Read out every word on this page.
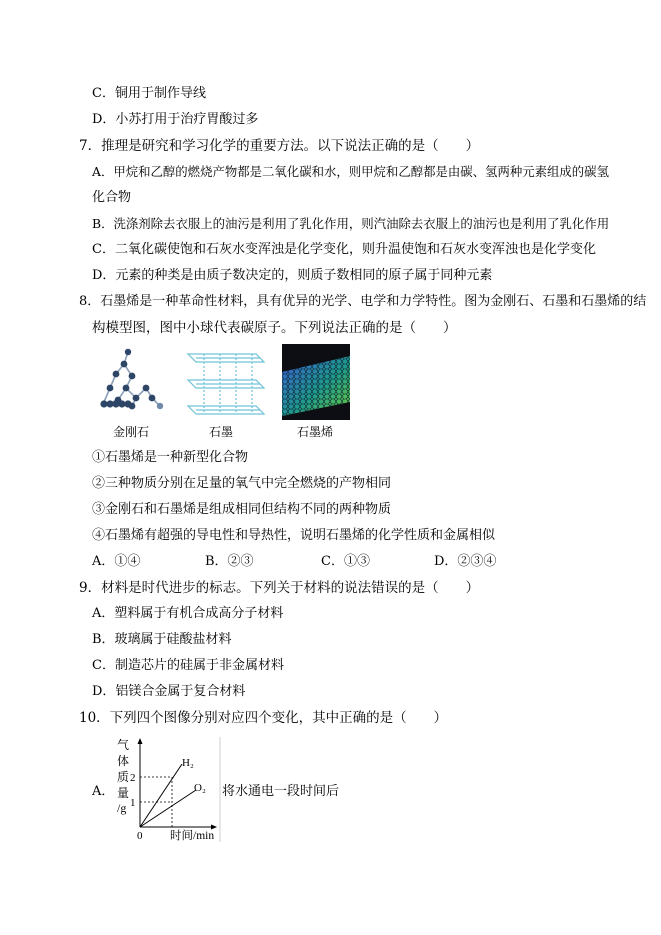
C．铜用于制作导线
D．小苏打用于治疗胃酸过多
7．推理是研究和学习化学的重要方法。以下说法正确的是（　　）
A．甲烷和乙醇的燃烧产物都是二氧化碳和水，则甲烷和乙醇都是由碳、氢两种元素组成的碳氢
化合物
B．洗涤剂除去衣服上的油污是利用了乳化作用，则汽油除去衣服上的油污也是利用了乳化作用
C．二氧化碳使饱和石灰水变浑浊是化学变化，则升温使饱和石灰水变浑浊也是化学变化
D．元素的种类是由质子数决定的，则质子数相同的原子属于同种元素
8．石墨烯是一种革命性材料，具有优异的光学、电学和力学特性。图为金刚石、石墨和石墨烯的结
构模型图，图中小球代表碳原子。下列说法正确的是（　　）
金刚石	石墨	石墨烯
①石墨烯是一种新型化合物
②三种物质分别在足量的氧气中完全燃烧的产物相同
③金刚石和石墨烯是组成相同但结构不同的两种物质
④石墨烯有超强的导电性和导热性，说明石墨烯的化学性质和金属相似
A．①④	B．②③	C．①③	D．②③④
9．材料是时代进步的标志。下列关于材料的说法错误的是（　　）
A．塑料属于有机合成高分子材料
B．玻璃属于硅酸盐材料
C．制造芯片的硅属于非金属材料
D．铝镁合金属于复合材料
10．下列四个图像分别对应四个变化，其中正确的是（　　）
A．
气
体
质
量
/g
2
1
0 时间/min
H₂
O₂ 将水通电一段时间后
